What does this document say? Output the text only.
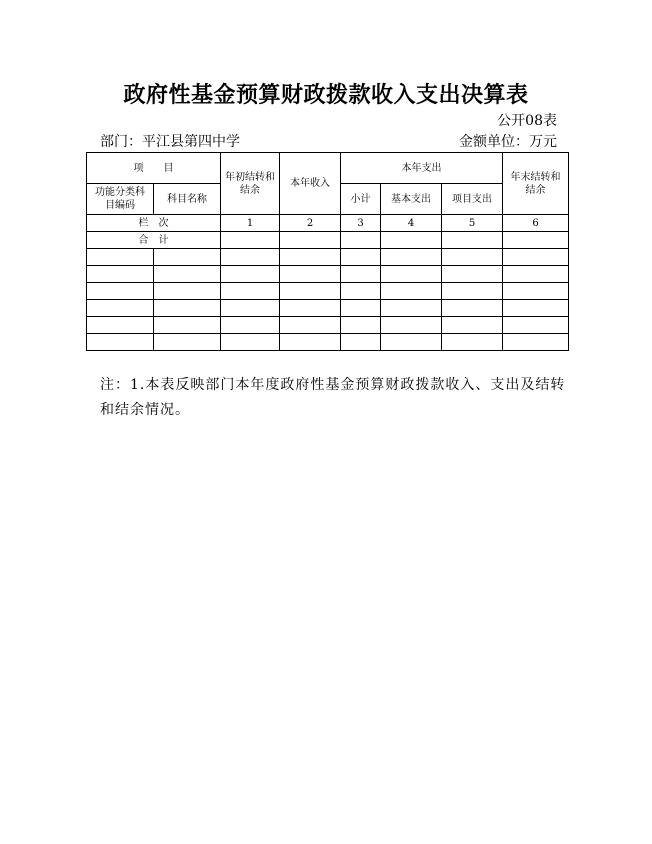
政府性基金预算财政拨款收入支出决算表
公开08表
部门：平江县第四中学	金额单位：万元
项　　目		年初结转和结余	本年收入	本年支出			年末结转和结余
功能分类科目编码	科目名称			小计	基本支出	项目支出	
栏　次		1	2	3	4	5	6
合　计							

注：1.本表反映部门本年度政府性基金预算财政拨款收入、支出及结转和结余情况。
